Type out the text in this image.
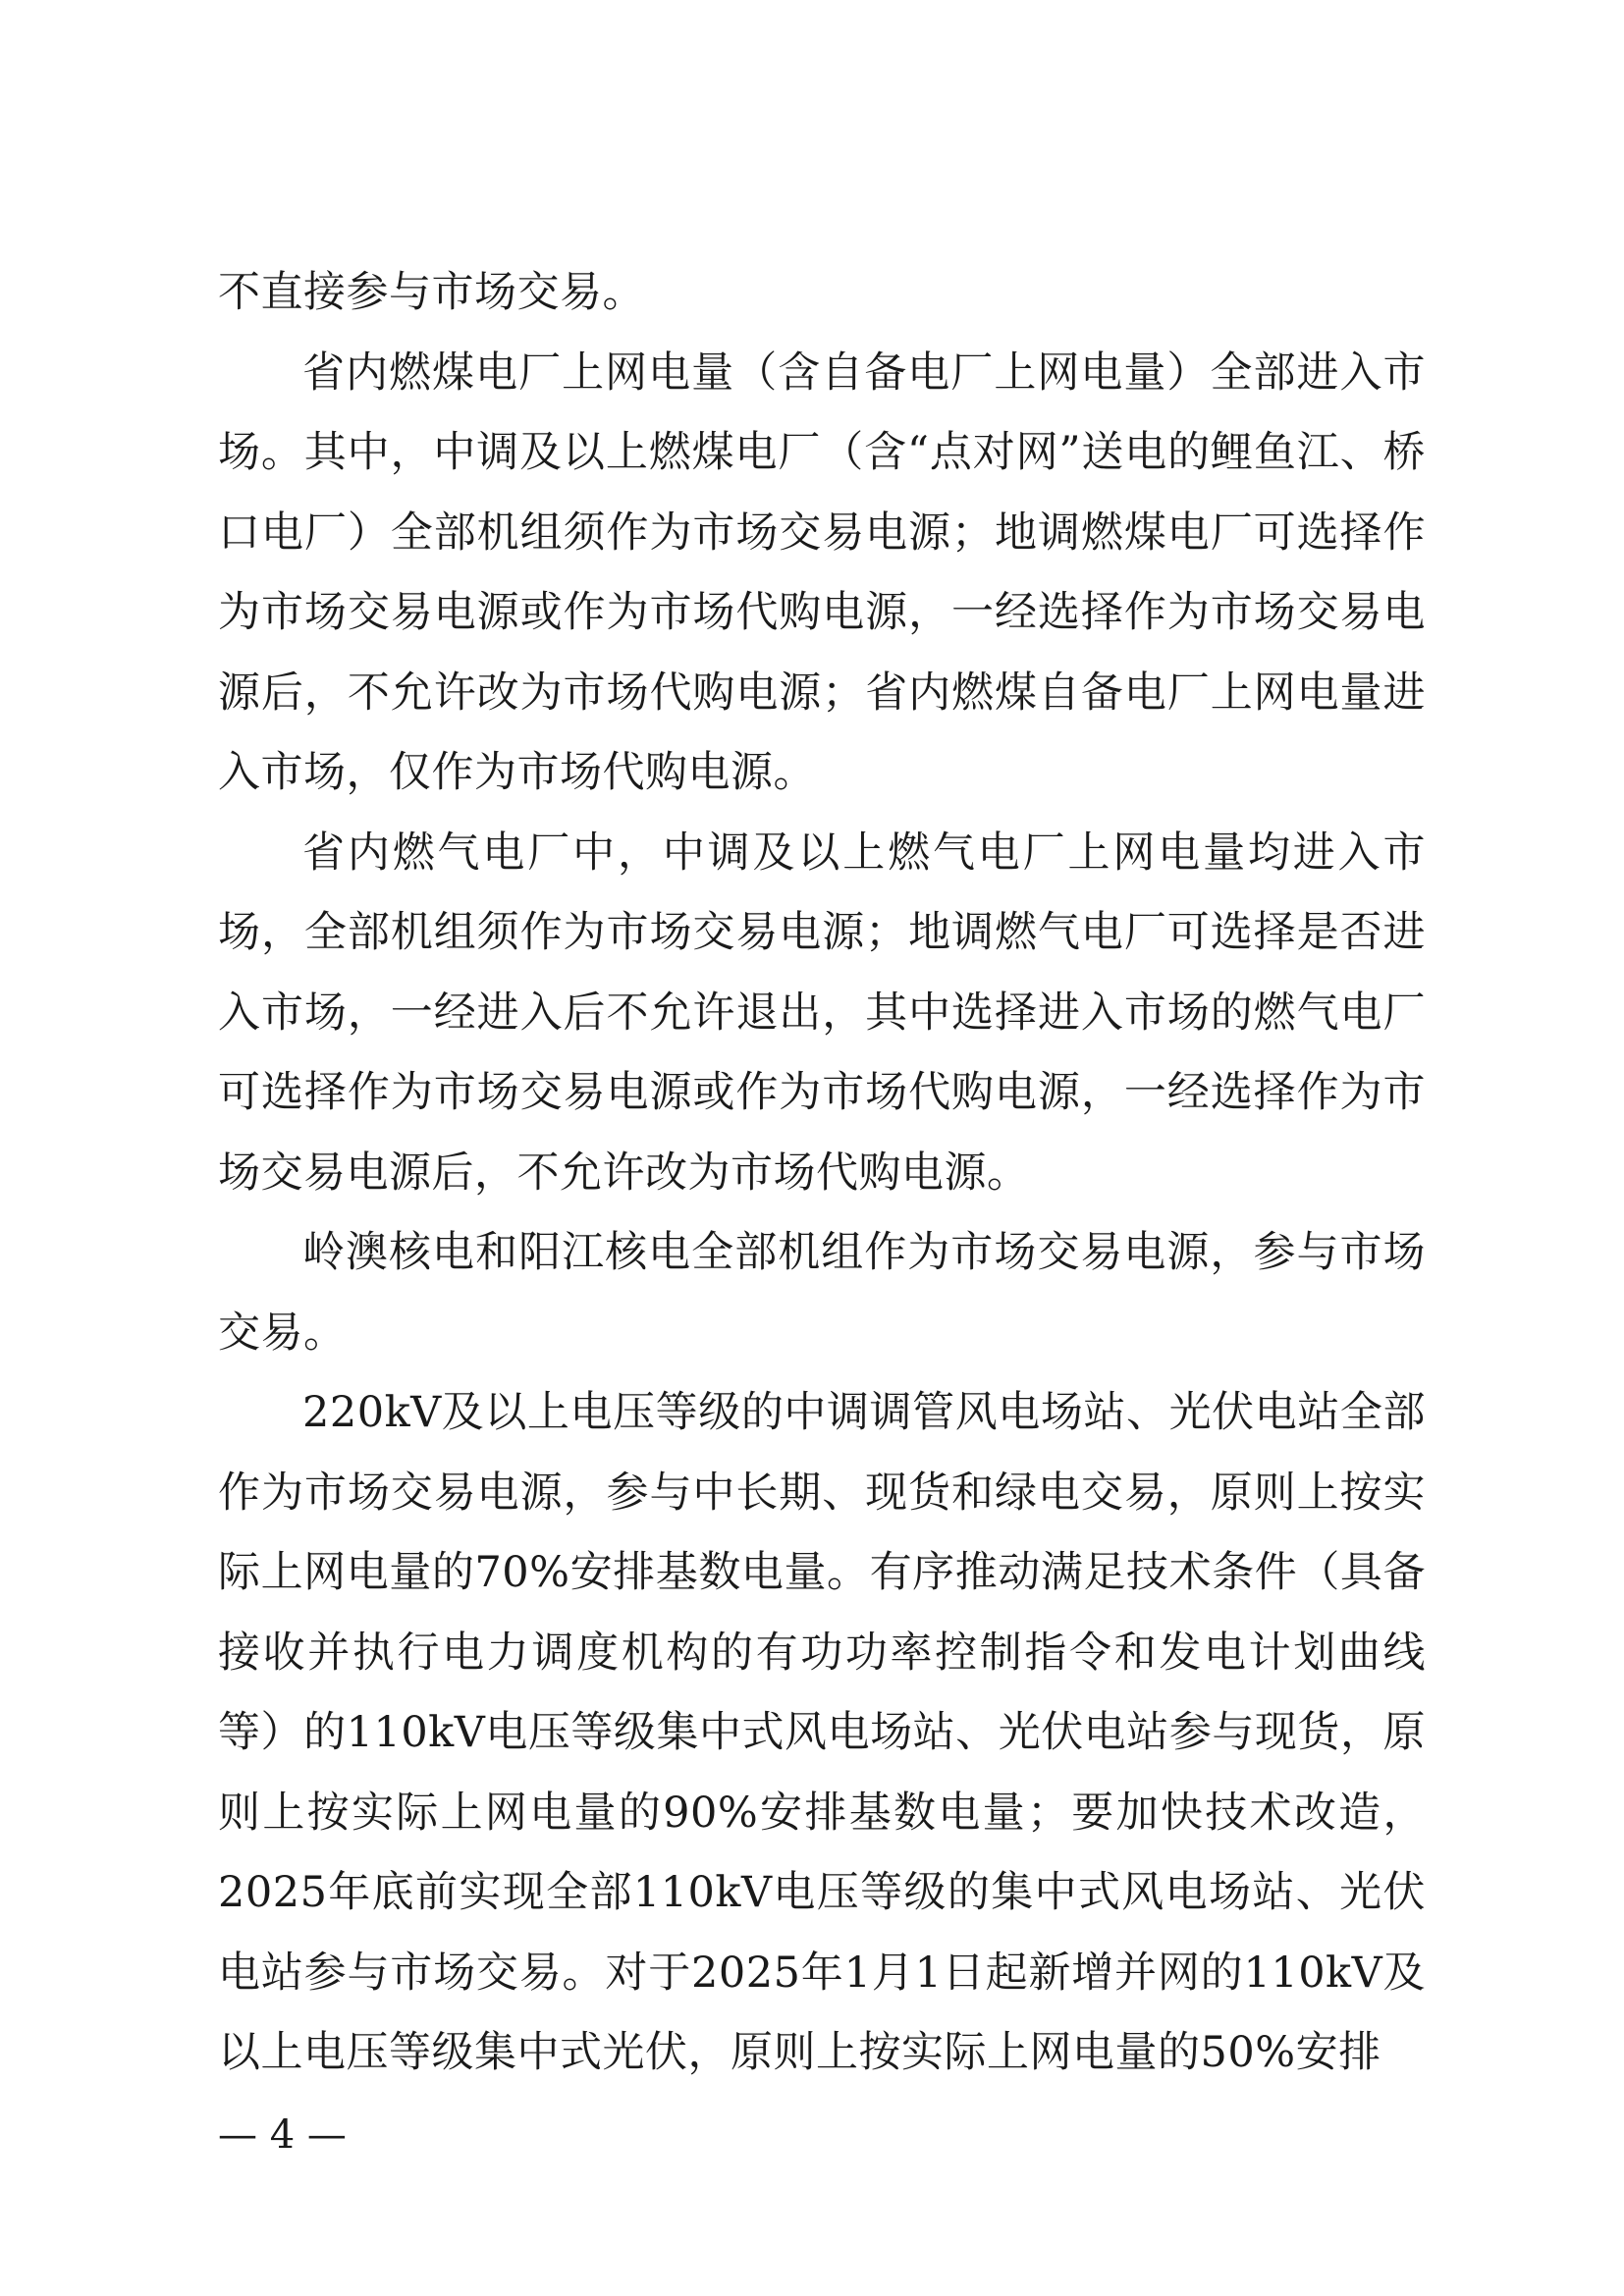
不直接参与市场交易。

省内燃煤电厂上网电量（含自备电厂上网电量）全部进入市场。其中，中调及以上燃煤电厂（含“点对网”送电的鲤鱼江、桥口电厂）全部机组须作为市场交易电源；地调燃煤电厂可选择作为市场交易电源或作为市场代购电源，一经选择作为市场交易电源后，不允许改为市场代购电源；省内燃煤自备电厂上网电量进入市场，仅作为市场代购电源。

省内燃气电厂中，中调及以上燃气电厂上网电量均进入市场，全部机组须作为市场交易电源；地调燃气电厂可选择是否进入市场，一经进入后不允许退出，其中选择进入市场的燃气电厂可选择作为市场交易电源或作为市场代购电源，一经选择作为市场交易电源后，不允许改为市场代购电源。

岭澳核电和阳江核电全部机组作为市场交易电源，参与市场交易。

220kV及以上电压等级的中调调管风电场站、光伏电站全部作为市场交易电源，参与中长期、现货和绿电交易，原则上按实际上网电量的70%安排基数电量。有序推动满足技术条件（具备接收并执行电力调度机构的有功功率控制指令和发电计划曲线等）的110kV电压等级集中式风电场站、光伏电站参与现货，原则上按实际上网电量的90%安排基数电量；要加快技术改造，2025年底前实现全部110kV电压等级的集中式风电场站、光伏电站参与市场交易。对于2025年1月1日起新增并网的110kV及以上电压等级集中式光伏，原则上按实际上网电量的50%安排

— 4 —
